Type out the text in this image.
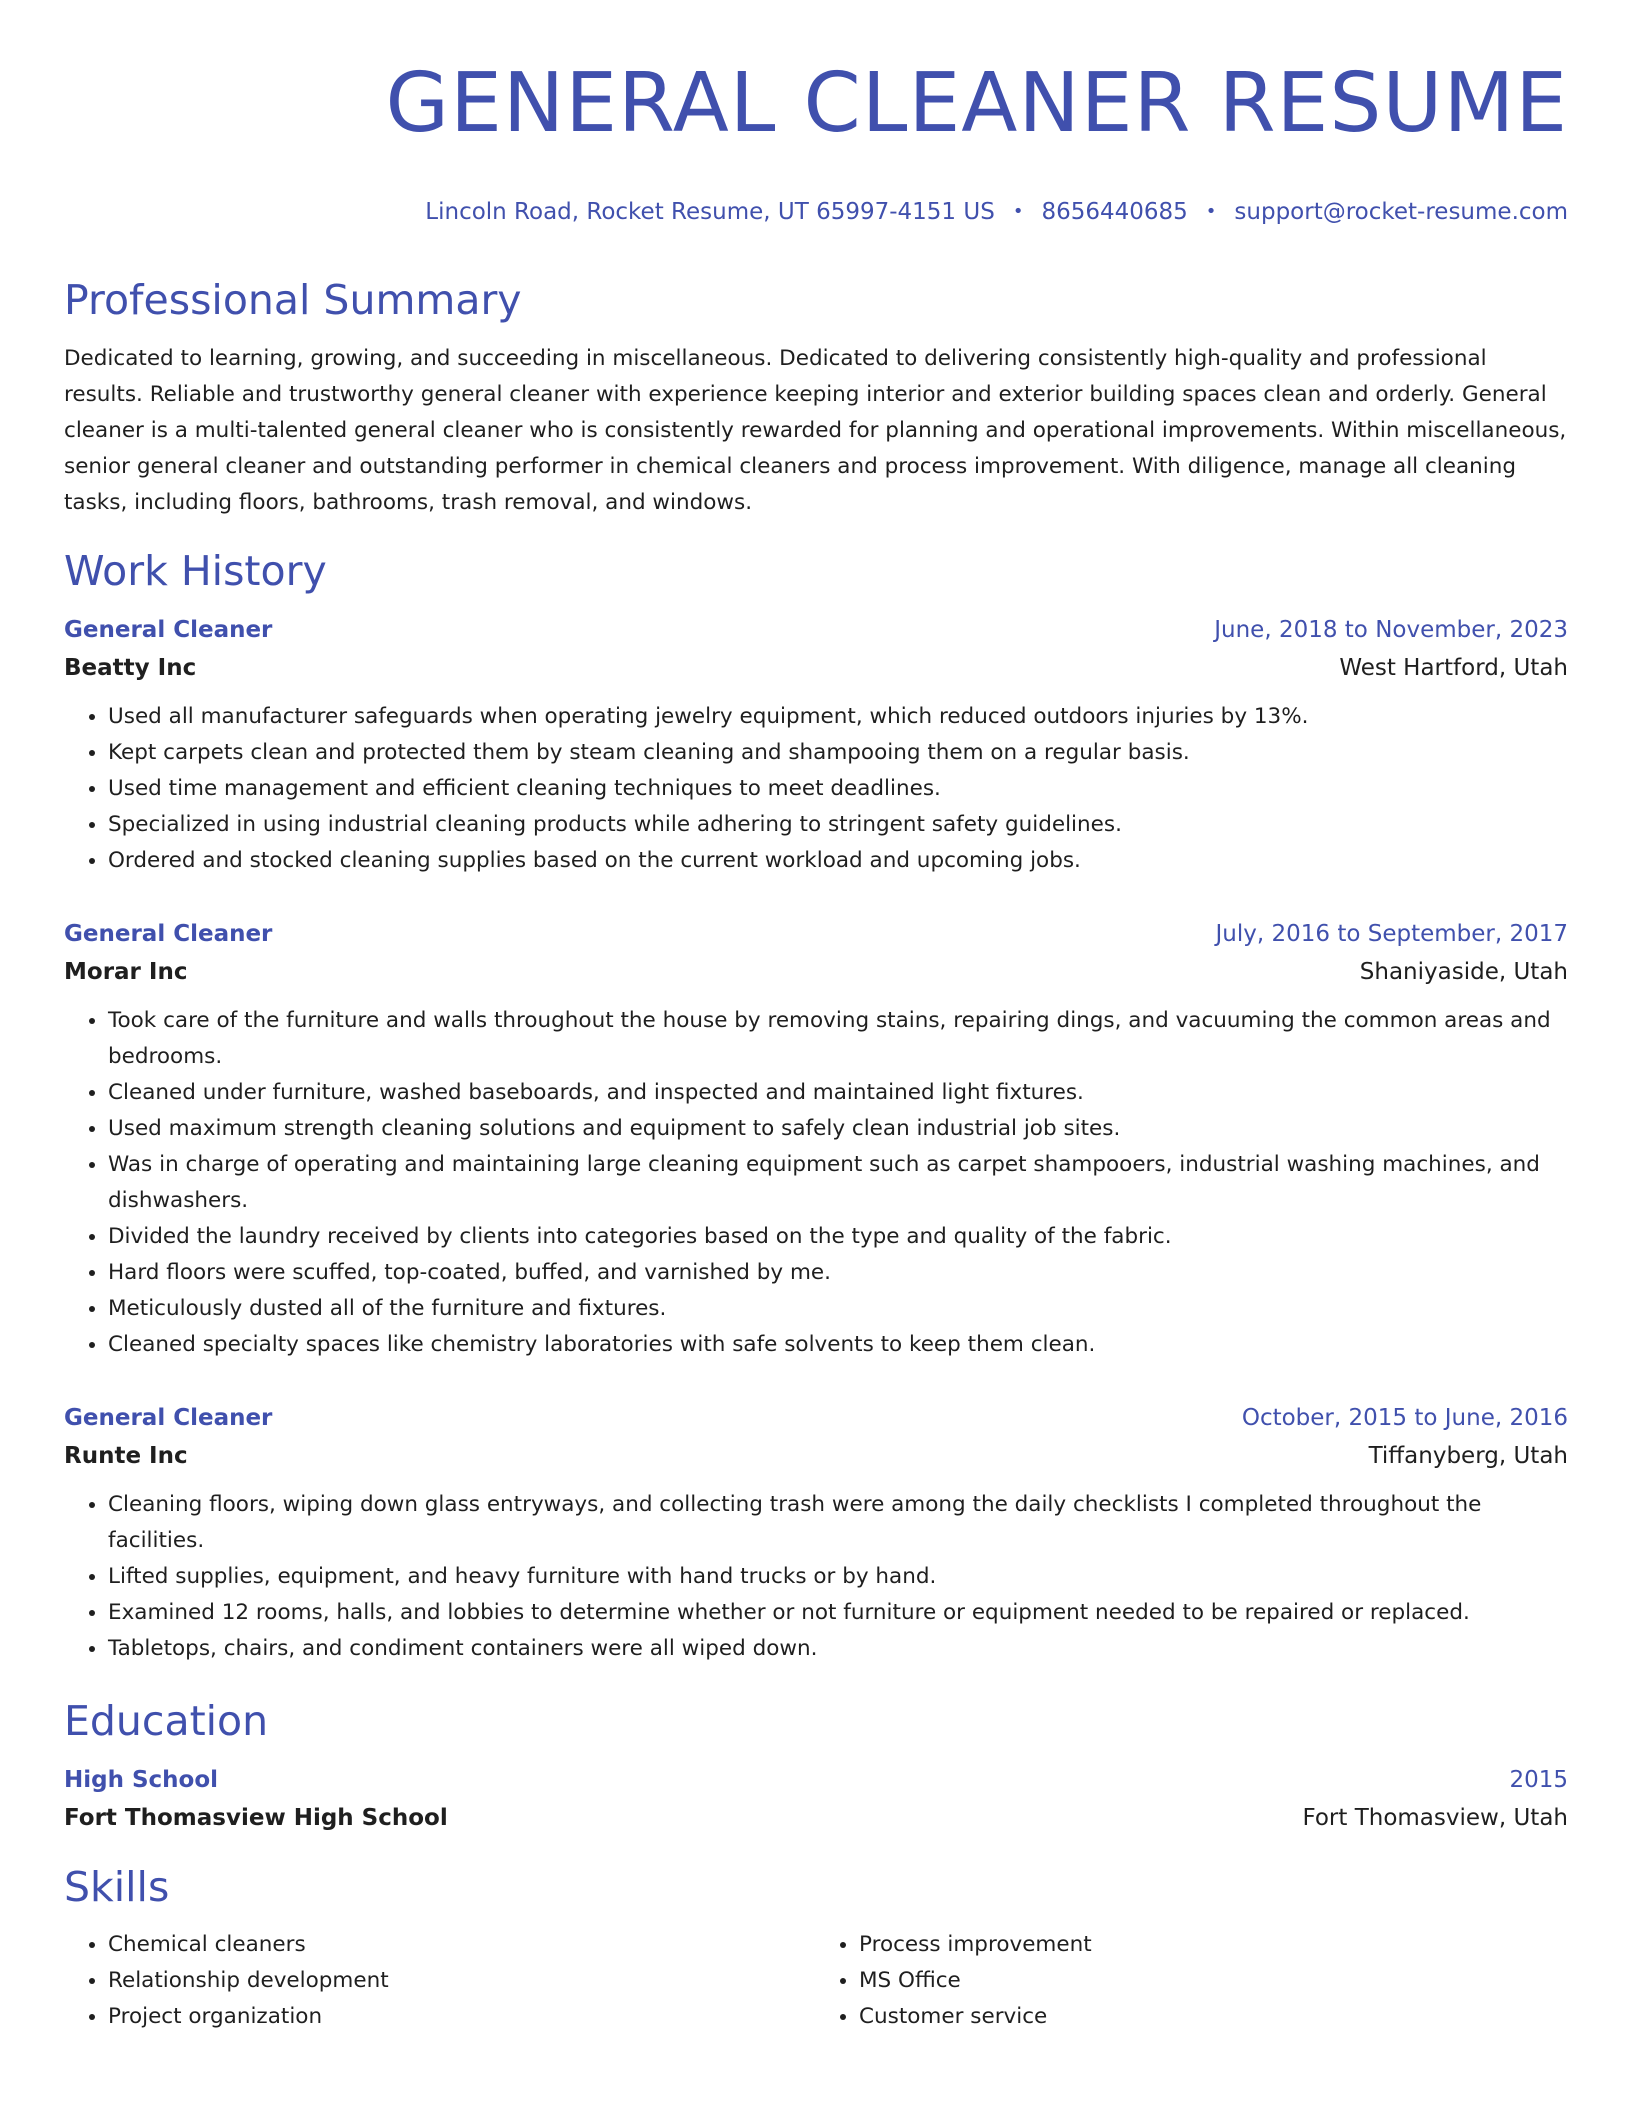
GENERAL CLEANER RESUME
Lincoln Road, Rocket Resume, UT 65997-4151 US • 8656440685 • support@rocket-resume.com
Professional Summary

Dedicated to learning, growing, and succeeding in miscellaneous. Dedicated to delivering consistently high-quality and professional results. Reliable and trustworthy general cleaner with experience keeping interior and exterior building spaces clean and orderly. General cleaner is a multi-talented general cleaner who is consistently rewarded for planning and operational improvements. Within miscellaneous, senior general cleaner and outstanding performer in chemical cleaners and process improvement. With diligence, manage all cleaning tasks, including floors, bathrooms, trash removal, and windows.

Work History
General Cleaner	June, 2018 to November, 2023
Beatty Inc	West Hartford, Utah
• Used all manufacturer safeguards when operating jewelry equipment, which reduced outdoors injuries by 13%.
• Kept carpets clean and protected them by steam cleaning and shampooing them on a regular basis.
• Used time management and efficient cleaning techniques to meet deadlines.
• Specialized in using industrial cleaning products while adhering to stringent safety guidelines.
• Ordered and stocked cleaning supplies based on the current workload and upcoming jobs.
General Cleaner	July, 2016 to September, 2017
Morar Inc	Shaniyaside, Utah
• Took care of the furniture and walls throughout the house by removing stains, repairing dings, and vacuuming the common areas and bedrooms.
• Cleaned under furniture, washed baseboards, and inspected and maintained light fixtures.
• Used maximum strength cleaning solutions and equipment to safely clean industrial job sites.
• Was in charge of operating and maintaining large cleaning equipment such as carpet shampooers, industrial washing machines, and dishwashers.
• Divided the laundry received by clients into categories based on the type and quality of the fabric.
• Hard floors were scuffed, top-coated, buffed, and varnished by me.
• Meticulously dusted all of the furniture and fixtures.
• Cleaned specialty spaces like chemistry laboratories with safe solvents to keep them clean.
General Cleaner	October, 2015 to June, 2016
Runte Inc	Tiffanyberg, Utah
• Cleaning floors, wiping down glass entryways, and collecting trash were among the daily checklists I completed throughout the facilities.
• Lifted supplies, equipment, and heavy furniture with hand trucks or by hand.
• Examined 12 rooms, halls, and lobbies to determine whether or not furniture or equipment needed to be repaired or replaced.
• Tabletops, chairs, and condiment containers were all wiped down.
Education
High School	2015
Fort Thomasview High School	Fort Thomasview, Utah
Skills
• Chemical cleaners
• Relationship development
• Project organization
• Process improvement
• MS Office
• Customer service
